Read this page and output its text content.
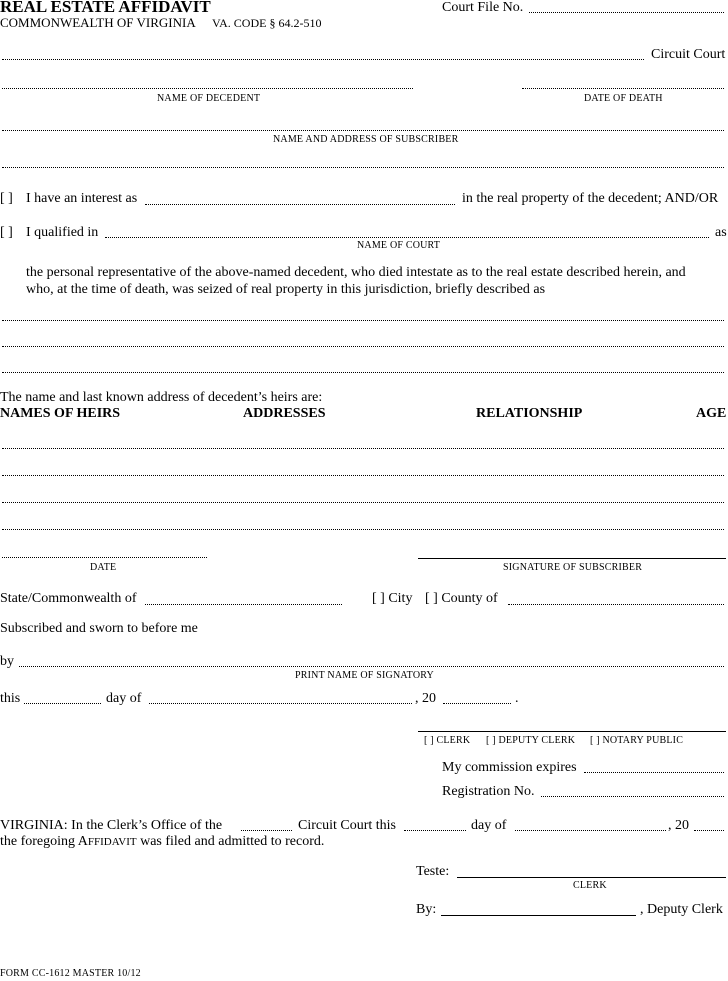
REAL ESTATE AFFIDAVIT	Court File No.
COMMONWEALTH OF VIRGINIA VA. CODE § 64.2-510
Circuit Court
NAME OF DECEDENT	DATE OF DEATH
NAME AND ADDRESS OF SUBSCRIBER
[ ] I have an interest as	in the real property of the decedent; AND/OR
[ ] I qualified in	as
NAME OF COURT
the personal representative of the above-named decedent, who died intestate as to the real estate described herein, and who, at the time of death, was seized of real property in this jurisdiction, briefly described as
The name and last known address of decedent’s heirs are:
NAMES OF HEIRS	ADDRESSES	RELATIONSHIP	AGE
DATE	SIGNATURE OF SUBSCRIBER
State/Commonwealth of	[ ] City [ ] County of
Subscribed and sworn to before me
by
PRINT NAME OF SIGNATORY
this	day of	, 20	.
[ ] CLERK [ ] DEPUTY CLERK [ ] NOTARY PUBLIC
My commission expires
Registration No.
VIRGINIA: In the Clerk’s Office of the	Circuit Court this	day of	, 20
the foregoing AFFIDAVIT was filed and admitted to record.
Teste:
CLERK
By:	, Deputy Clerk
FORM CC-1612 MASTER 10/12
